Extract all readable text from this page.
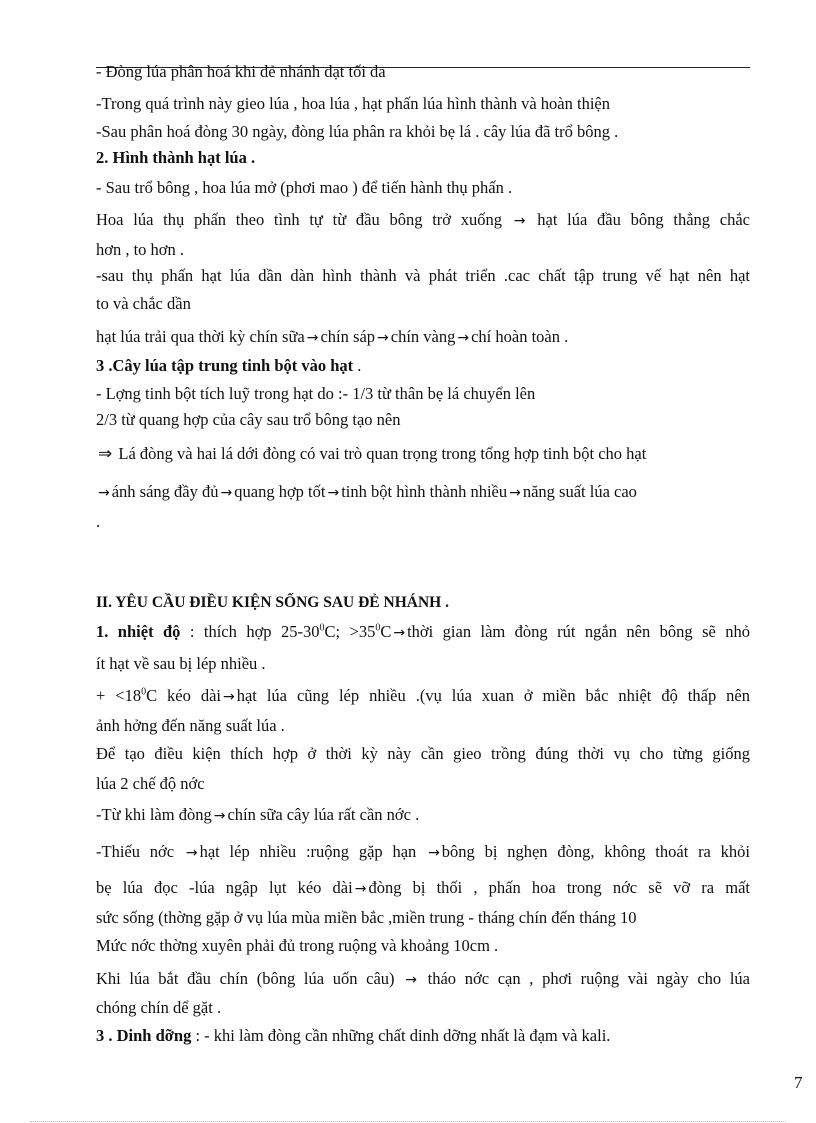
- Đòng lúa phân hoá khi đẻ nhánh đạt tối đa
-Trong quá trình này gieo lúa , hoa lúa , hạt phấn lúa hình thành và hoàn thiện
-Sau phân hoá đòng 30 ngày, đòng lúa phân ra khỏi bẹ lá . cây lúa đã trổ bông .
2. Hình thành hạt lúa .
- Sau trổ bông , hoa lúa mở (phơi mao ) để tiến hành thụ phấn .
Hoa lúa thụ phấn theo tình tự từ đầu bông trở xuống → hạt lúa đầu bông thẳng chắc
hơn , to hơn .
-sau thụ phấn hạt lúa dần dàn hình thành và phát triển .cac chất tập trung vế hạt nên hạt
to và chắc dần
hạt lúa trải qua thời kỳ chín sữa → chín sáp → chín vàng → chí hoàn toàn .
3 .Cây lúa tập trung tinh bột vào hạt .
- Lợng tinh bột tích luỹ trong hạt do :- 1/3 từ thân bẹ lá chuyển lên
2/3 từ quang hợp của cây sau trổ bông tạo nên
⇒ Lá đòng và hai lá dới đòng có vai trò quan trọng trong tổng hợp tinh bột cho hạt
→ ánh sáng đầy đủ → quang hợp tốt → tinh bột hình thành nhiều → năng suất lúa cao
.
II. YÊU CẦU ĐIỀU KIỆN SỐNG SAU ĐẺ NHÁNH .
1. nhiệt độ : thích hợp $25-30^0C$; $>35^0C$ → thời gian làm đòng rút ngắn nên bông sẽ nhỏ
ít hạt về sau bị lép nhiều .
+ $<18^0C$ kéo dài → hạt lúa cũng lép nhiều .(vụ lúa xuan ở miền bắc nhiệt độ thấp nên
ảnh hởng đến năng suất lúa .
Để tạo điều kiện thích hợp ở thời kỳ này cần gieo trồng đúng thời vụ cho từng giống
lúa 2 chế độ nớc
-Từ khi làm đòng → chín sữa cây lúa rất cần nớc .
-Thiếu nớc → hạt lép nhiều :ruộng gặp hạn → bông bị nghẹn đòng, không thoát ra khỏi
bẹ lúa đọc -lúa ngập lụt kéo dài → đòng bị thối , phấn hoa trong nớc sẽ vỡ ra mất
sức sống (thờng gặp ở vụ lúa mùa miền bắc ,miền trung - tháng chín đến tháng 10
Mức nớc thờng xuyên phải đủ trong ruộng và khoảng 10cm .
Khi lúa bắt đầu chín (bông lúa uốn câu) → tháo nớc cạn , phơi ruộng vài ngày cho lúa
chóng chín dể gặt .
3 . Dinh dỡng : - khi làm đòng cần những chất dinh dỡng nhất là đạm và kali.
7
